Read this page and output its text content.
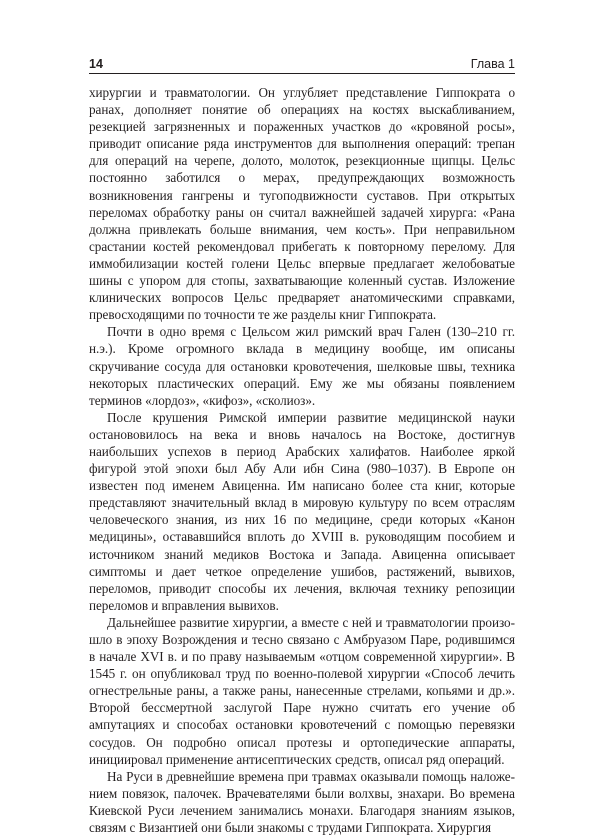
14	Глава 1

хирургии и травматологии. Он углубляет представление Гиппократа о ранах, дополняет понятие об операциях на костях выскабливанием, резекцией загрязненных и пораженных участков до «кровяной росы», приводит описание ряда инструментов для выполнения операций: трепан для операций на черепе, долото, молоток, резекционные щипцы. Цельс постоянно заботился о мерах, предупреждающих возможность возникновения гангрены и тугоподвижности суставов. При открытых переломах обработку раны он считал важнейшей задачей хирурга: «Рана должна привлекать больше внимания, чем кость». При неправильном срастании костей рекомендовал прибегать к повторному перелому. Для иммобилизации костей голени Цельс впервые предлагает желобоватые шины с упором для стопы, захватывающие коленный сустав. Изложение клинических вопросов Цельс предваряет анатомическими справками, превосходящими по точности те же разделы книг Гиппократа.

Почти в одно время с Цельсом жил римский врач Гален (130–210 гг. н.э.). Кроме огромного вклада в медицину вообще, им описаны скручивание сосуда для остановки кровотечения, шелковые швы, техника некоторых пластических операций. Ему же мы обязаны появлением терминов «лордоз», «кифоз», «сколиоз».

После крушения Римской империи развитие медицинской науки останововилось на века и вновь началось на Востоке, достигнув наибольших успехов в период Арабских халифатов. Наиболее яркой фигурой этой эпохи был Абу Али ибн Сина (980–1037). В Европе он известен под именем Авиценна. Им написано более ста книг, которые представляют значительный вклад в мировую культуру по всем отраслям человеческого знания, из них 16 по медицине, среди которых «Канон медицины», остававшийся вплоть до XVIII в. руководящим пособием и источником знаний медиков Востока и Запада. Авиценна описывает симптомы и дает четкое определение ушибов, растяжений, вывихов, переломов, приводит способы их лечения, включая технику репозиции переломов и вправления вывихов.

Дальнейшее развитие хирургии, а вместе с ней и травматологии произошло в эпоху Возрождения и тесно связано с Амбруазом Паре, родившимся в начале XVI в. и по праву называемым «отцом современной хирургии». В 1545 г. он опубликовал труд по военно-полевой хирургии «Способ лечить огнестрельные раны, а также раны, нанесенные стрелами, копьями и др.». Второй бессмертной заслугой Паре нужно считать его учение об ампутациях и способах остановки кровотечений с помощью перевязки сосудов. Он подробно описал протезы и ортопедические аппараты, инициировал применение антисептических средств, описал ряд операций.

На Руси в древнейшие времена при травмах оказывали помощь наложением повязок, палочек. Врачевателями были волхвы, знахари. Во времена Киевской Руси лечением занимались монахи. Благодаря знаниям языков, связям с Византией они были знакомы с трудами Гиппократа. Хирургия
